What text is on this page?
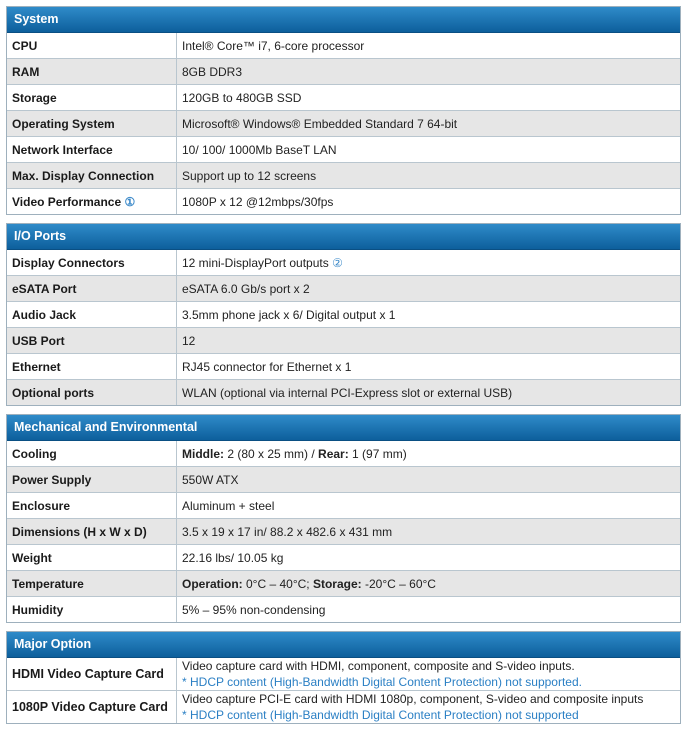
System
CPU	Intel® Core™ i7, 6-core processor
RAM	8GB DDR3
Storage	120GB to 480GB SSD
Operating System	Microsoft® Windows® Embedded Standard 7 64-bit
Network Interface	10/ 100/ 1000Mb BaseT LAN
Max. Display Connection	Support up to 12 screens
Video Performance ①	1080P x 12 @12mbps/30fps
I/O Ports
Display Connectors	12 mini-DisplayPort outputs ②
eSATA Port	eSATA 6.0 Gb/s port x 2
Audio Jack	3.5mm phone jack x 6/ Digital output x 1
USB Port	12
Ethernet	RJ45 connector for Ethernet x 1
Optional ports	WLAN (optional via internal PCI-Express slot or external USB)
Mechanical and Environmental
Cooling	Middle: 2 (80 x 25 mm) / Rear: 1 (97 mm)
Power Supply	550W ATX
Enclosure	Aluminum + steel
Dimensions (H x W x D)	3.5 x 19 x 17 in/ 88.2 x 482.6 x 431 mm
Weight	22.16 lbs/ 10.05 kg
Temperature	Operation: 0°C – 40°C; Storage: -20°C – 60°C
Humidity	5% – 95% non-condensing
Major Option
HDMI Video Capture Card	Video capture card with HDMI, component, composite and S-video inputs.
* HDCP content (High-Bandwidth Digital Content Protection) not supported.

1080P Video Capture Card	Video capture PCI-E card with HDMI 1080p, component, S-video and composite inputs
* HDCP content (High-Bandwidth Digital Content Protection) not supported
